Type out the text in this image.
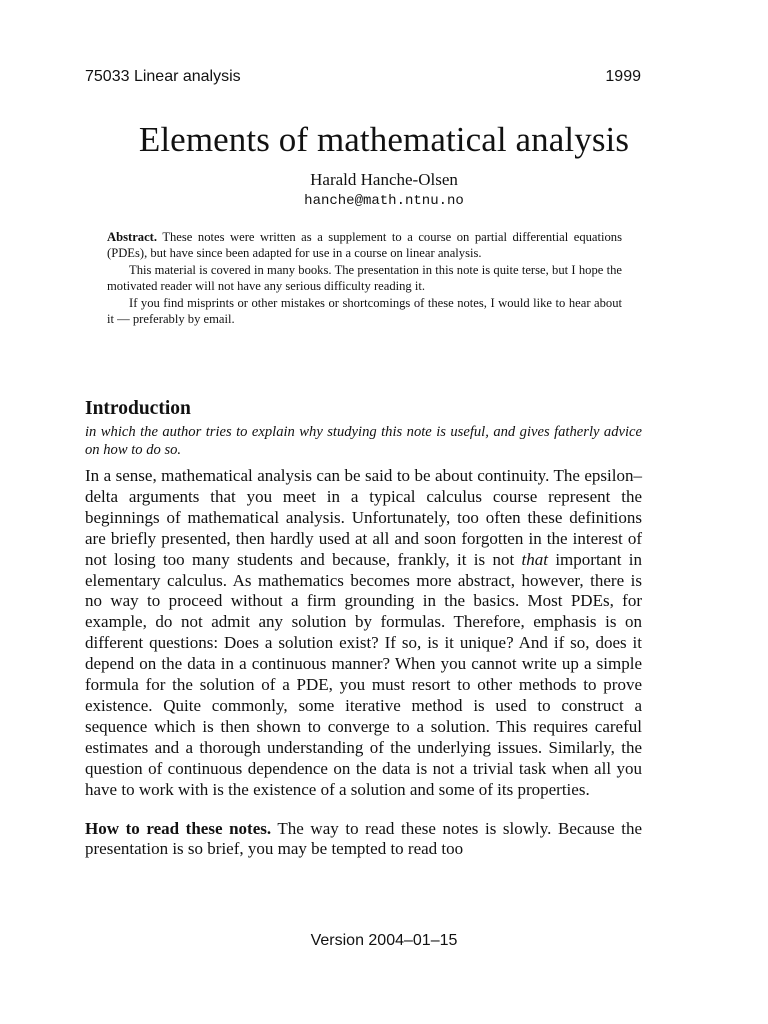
75033 Linear analysis	1999
Elements of mathematical analysis
Harald Hanche-Olsen
hanche@math.ntnu.no

Abstract. These notes were written as a supplement to a course on partial differential equations (PDEs), but have since been adapted for use in a course on linear analysis.

This material is covered in many books. The presentation in this note is quite terse, but I hope the motivated reader will not have any serious difficulty reading it.

If you find misprints or other mistakes or shortcomings of these notes, I would like to hear about it — preferably by email.

Introduction
in which the author tries to explain why studying this note is useful, and gives fatherly advice on how to do so.

In a sense, mathematical analysis can be said to be about continuity. The epsilon–delta arguments that you meet in a typical calculus course represent the beginnings of mathematical analysis. Unfortunately, too often these definitions are briefly presented, then hardly used at all and soon forgotten in the interest of not losing too many students and because, frankly, it is not that important in elementary calculus. As mathematics becomes more abstract, however, there is no way to proceed without a firm grounding in the basics. Most PDEs, for example, do not admit any solution by formulas. Therefore, emphasis is on different questions: Does a solution exist? If so, is it unique? And if so, does it depend on the data in a continuous manner? When you cannot write up a simple formula for the solution of a PDE, you must resort to other methods to prove existence. Quite commonly, some iterative method is used to construct a sequence which is then shown to converge to a solution. This requires careful estimates and a thorough understanding of the underlying issues. Similarly, the question of continuous dependence on the data is not a trivial task when all you have to work with is the existence of a solution and some of its properties.

How to read these notes. The way to read these notes is slowly. Because the presentation is so brief, you may be tempted to read too

Version 2004–01–15
